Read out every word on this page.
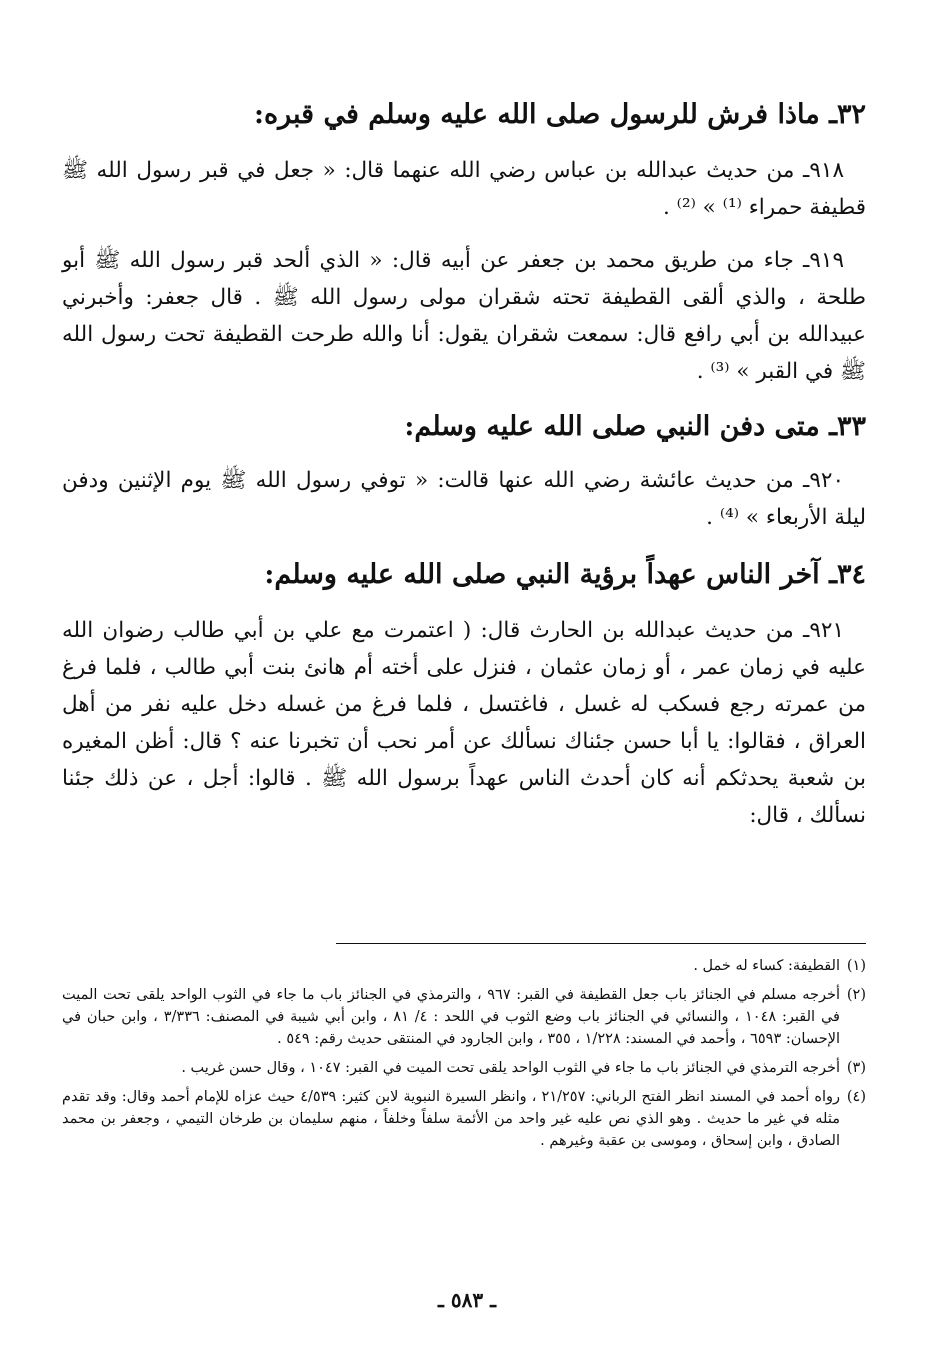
٣٢ـ ماذا فرش للرسول صلى الله عليه وسلم في قبره:

٩١٨ـ من حديث عبدالله بن عباس رضي الله عنهما قال: « جعل في قبر رسول الله ﷺ قطيفة حمراء ⁽¹⁾ » ⁽²⁾ .

٩١٩ـ جاء من طريق محمد بن جعفر عن أبيه قال: « الذي ألحد قبر رسول الله ﷺ أبو طلحة ، والذي ألقى القطيفة تحته شقران مولى رسول الله ﷺ . قال جعفر: وأخبرني عبيدالله بن أبي رافع قال: سمعت شقران يقول: أنا والله طرحت القطيفة تحت رسول الله ﷺ في القبر » ⁽³⁾ .

٣٣ـ متى دفن النبي صلى الله عليه وسلم:

٩٢٠ـ من حديث عائشة رضي الله عنها قالت: « توفي رسول الله ﷺ يوم الإثنين ودفن ليلة الأربعاء » ⁽⁴⁾ .

٣٤ـ آخر الناس عهداً برؤية النبي صلى الله عليه وسلم:

٩٢١ـ من حديث عبدالله بن الحارث قال: ( اعتمرت مع علي بن أبي طالب رضوان الله عليه في زمان عمر ، أو زمان عثمان ، فنزل على أخته أم هانئ بنت أبي طالب ، فلما فرغ من عمرته رجع فسكب له غسل ، فاغتسل ، فلما فرغ من غسله دخل عليه نفر من أهل العراق ، فقالوا: يا أبا حسن جئناك نسألك عن أمر نحب أن تخبرنا عنه ؟ قال: أظن المغيره بن شعبة يحدثكم أنه كان أحدث الناس عهداً برسول الله ﷺ . قالوا: أجل ، عن ذلك جئنا نسألك ، قال:

(١)
القطيفة: كساء له خمل .
(٢)
أخرجه مسلم في الجنائز باب جعل القطيفة في القبر: ٩٦٧ ، والترمذي في الجنائز باب ما جاء في الثوب الواحد يلقى تحت الميت في القبر: ١٠٤٨ ، والنسائي في الجنائز باب وضع الثوب في اللحد : ٤/ ٨١ ، وابن أبي شيبة في المصنف: ٣/٣٣٦ ، وابن حبان في الإحسان: ٦٥٩٣ ، وأحمد في المسند: ١/٢٢٨ ، ٣٥٥ ، وابن الجارود في المنتقى حديث رقم: ٥٤٩ .
(٣)
أخرجه الترمذي في الجنائز باب ما جاء في الثوب الواحد يلقى تحت الميت في القبر: ١٠٤٧ ، وقال حسن غريب .
(٤)
رواه أحمد في المسند انظر الفتح الرباني: ٢١/٢٥٧ ، وانظر السيرة النبوية لابن كثير: ٤/٥٣٩ حيث عزاه للإمام أحمد وقال: وقد تقدم مثله في غير ما حديث . وهو الذي نص عليه غير واحد من الأئمة سلفاً وخلفاً ، منهم سليمان بن طرخان التيمي ، وجعفر بن محمد الصادق ، وابن إسحاق ، وموسى بن عقبة وغيرهم .
ـ ٥٨٣ ـ
